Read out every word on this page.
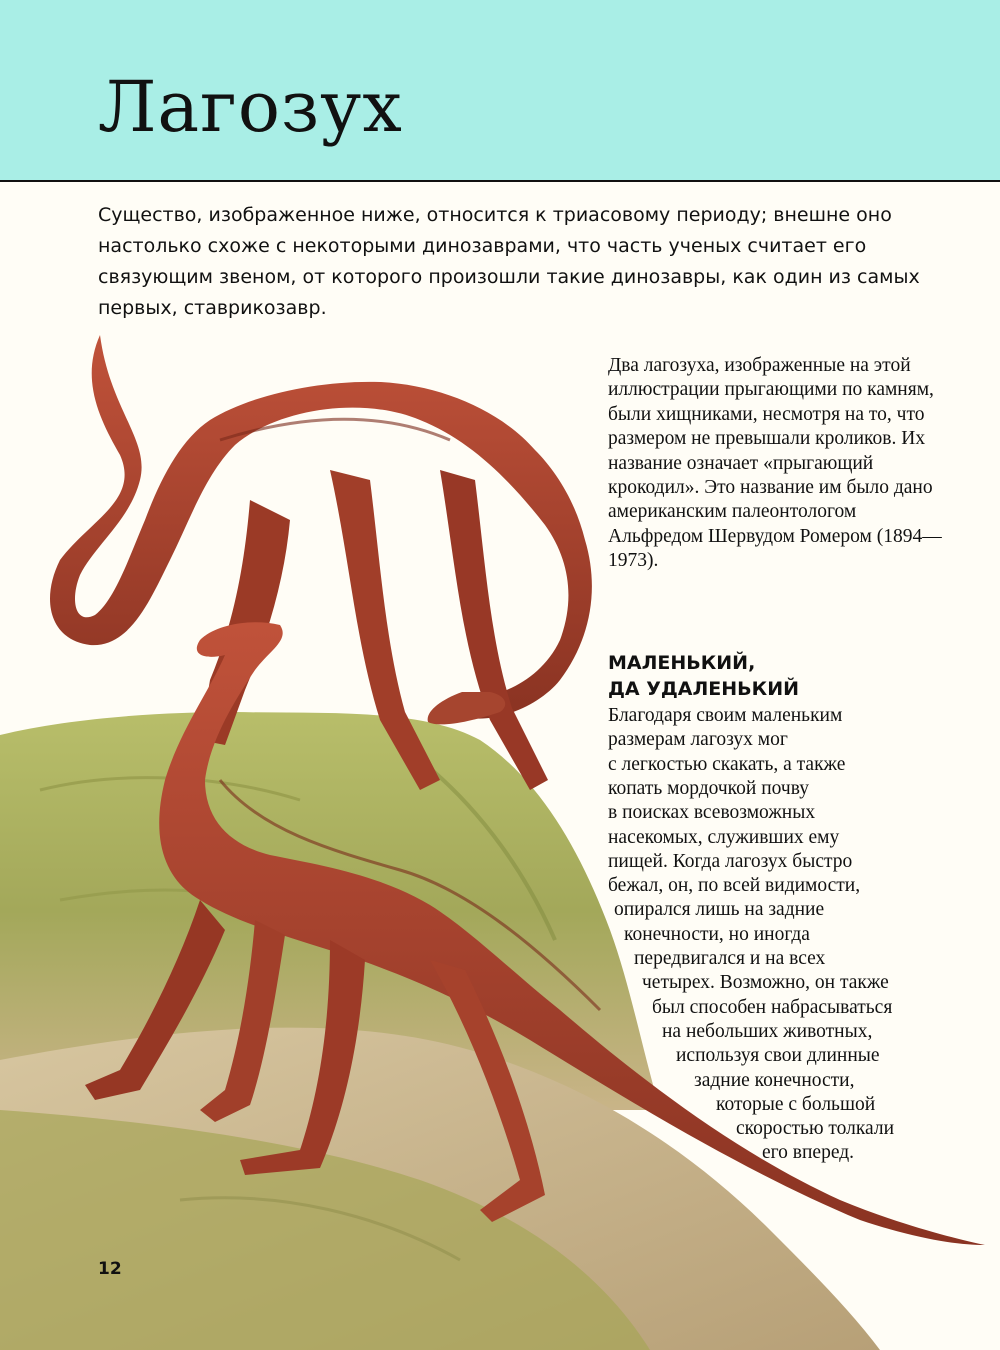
Лагозух

Существо, изображенное ниже, относится к триасовому периоду; внешне оно настолько схоже с некоторыми динозаврами, что часть ученых считает его связующим звеном, от которого произошли такие динозавры, как один из самых первых, ставрикозавр.

Два лагозуха, изображенные на этой иллюстрации прыгающими по камням, были хищниками, несмотря на то, что размером не превышали кроликов. Их название означает «прыгающий крокодил». Это название им было дано американским палеонтологом Альфредом Шервудом Ромером (1894—1973).

МАЛЕНЬКИЙ,
ДА УДАЛЕНЬКИЙ
Благодаря своим маленьким
размерам лагозух мог
с легкостью скакать, а также
копать мордочкой почву
в поисках всевозможных
насекомых, служивших ему
пищей. Когда лагозух быстро
бежал, он, по всей видимости,
опирался лишь на задние
конечности, но иногда
передвигался и на всех
четырех. Возможно, он также
был способен набрасываться
на небольших животных,
используя свои длинные
задние конечности,
которые с большой
скоростью толкали
его вперед.

12
